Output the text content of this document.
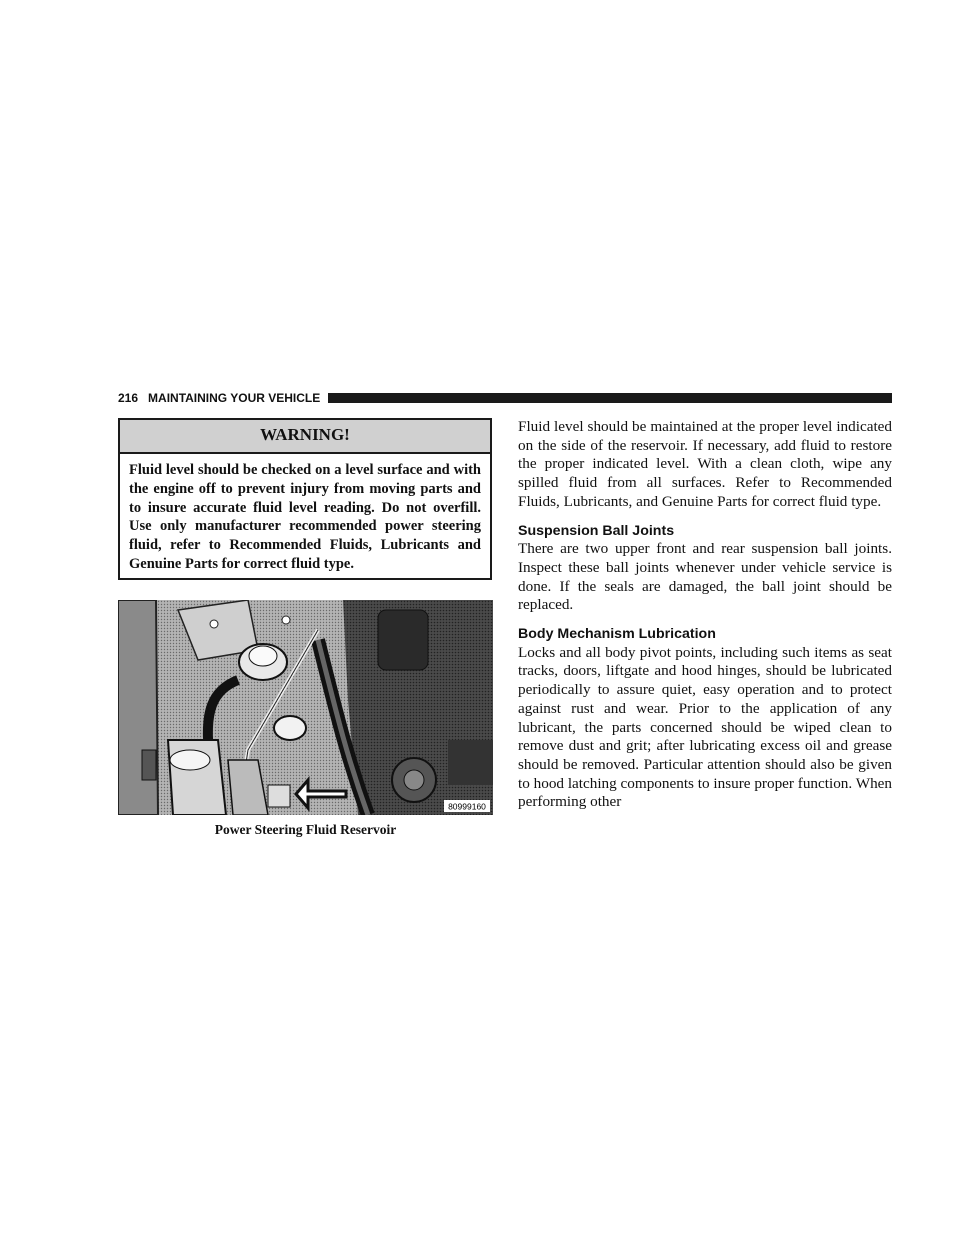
216 MAINTAINING YOUR VEHICLE
WARNING!
Fluid level should be checked on a level surface and with the engine off to prevent injury from moving parts and to insure accurate fluid level reading. Do not overfill. Use only manufacturer recommended power steering fluid, refer to Recommended Fluids, Lubricants and Genuine Parts for correct fluid type.
80999160
Power Steering Fluid Reservoir

Fluid level should be maintained at the proper level indicated on the side of the reservoir. If necessary, add fluid to restore the proper indicated level. With a clean cloth, wipe any spilled fluid from all surfaces. Refer to Recommended Fluids, Lubricants, and Genuine Parts for correct fluid type.

Suspension Ball Joints

There are two upper front and rear suspension ball joints. Inspect these ball joints whenever under vehicle service is done. If the seals are damaged, the ball joint should be replaced.

Body Mechanism Lubrication

Locks and all body pivot points, including such items as seat tracks, doors, liftgate and hood hinges, should be lubricated periodically to assure quiet, easy operation and to protect against rust and wear. Prior to the application of any lubricant, the parts concerned should be wiped clean to remove dust and grit; after lubricating excess oil and grease should be removed. Particular attention should also be given to hood latching components to insure proper function. When performing other
